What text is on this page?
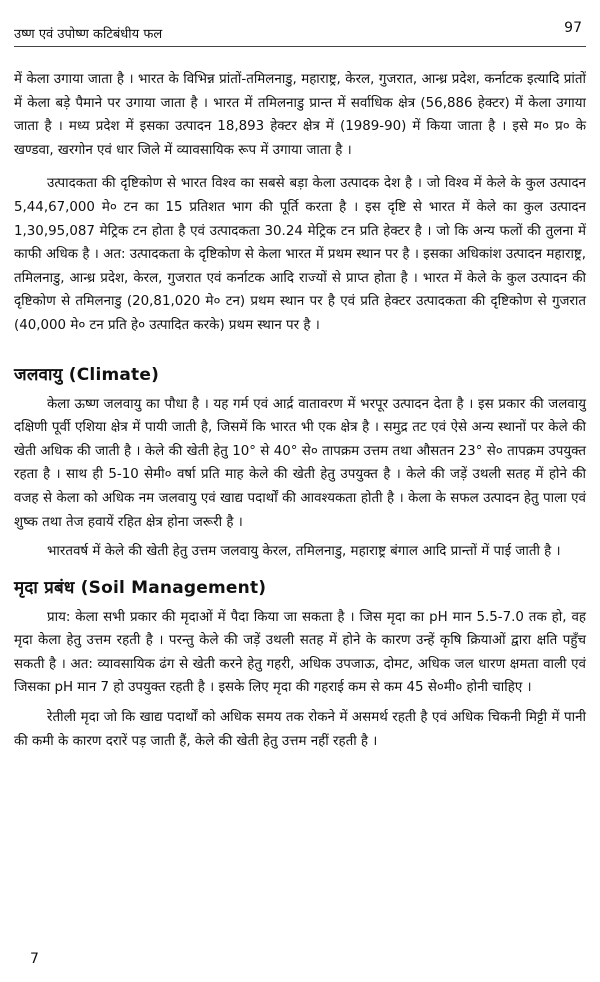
उष्ण एवं उपोष्ण कटिबंधीय फल	97

में केला उगाया जाता है । भारत के विभिन्न प्रांतों-तमिलनाडु, महाराष्ट्र, केरल, गुजरात, आन्ध्र प्रदेश, कर्नाटक इत्यादि प्रांतों में केला बड़े पैमाने पर उगाया जाता है । भारत में तमिलनाडु प्रान्त में सर्वाधिक क्षेत्र (56,886 हेक्टर) में केला उगाया जाता है । मध्य प्रदेश में इसका उत्पादन 18,893 हेक्टर क्षेत्र में (1989-90) में किया जाता है । इसे म० प्र० के खण्डवा, खरगोन एवं धार जिले में व्यावसायिक रूप में उगाया जाता है ।

उत्पादकता की दृष्टिकोण से भारत विश्व का सबसे बड़ा केला उत्पादक देश है । जो विश्व में केले के कुल उत्पादन 5,44,67,000 मे० टन का 15 प्रतिशत भाग की पूर्ति करता है । इस दृष्टि से भारत में केले का कुल उत्पादन 1,30,95,087 मेट्रिक टन होता है एवं उत्पादकता 30.24 मेट्रिक टन प्रति हेक्टर है । जो कि अन्य फलों की तुलना में काफी अधिक है । अत: उत्पादकता के दृष्टिकोण से केला भारत में प्रथम स्थान पर है । इसका अधिकांश उत्पादन महाराष्ट्र, तमिलनाडु, आन्ध्र प्रदेश, केरल, गुजरात एवं कर्नाटक आदि राज्यों से प्राप्त होता है । भारत में केले के कुल उत्पादन की दृष्टिकोण से तमिलनाडु (20,81,020 मे० टन) प्रथम स्थान पर है एवं प्रति हेक्टर उत्पादकता की दृष्टिकोण से गुजरात (40,000 मे० टन प्रति हे० उत्पादित करके) प्रथम स्थान पर है ।

जलवायु (Climate)

केला ऊष्ण जलवायु का पौधा है । यह गर्म एवं आर्द्र वातावरण में भरपूर उत्पादन देता है । इस प्रकार की जलवायु दक्षिणी पूर्वी एशिया क्षेत्र में पायी जाती है, जिसमें कि भारत भी एक क्षेत्र है । समुद्र तट एवं ऐसे अन्य स्थानों पर केले की खेती अधिक की जाती है । केले की खेती हेतु 10° से 40° से० तापक्रम उत्तम तथा औसतन 23° से० तापक्रम उपयुक्त रहता है । साथ ही 5-10 सेमी० वर्षा प्रति माह केले की खेती हेतु उपयुक्त है । केले की जड़ें उथली सतह में होने की वजह से केला को अधिक नम जलवायु एवं खाद्य पदार्थों की आवश्यकता होती है । केला के सफल उत्पादन हेतु पाला एवं शुष्क तथा तेज हवायें रहित क्षेत्र होना जरूरी है ।

भारतवर्ष में केले की खेती हेतु उत्तम जलवायु केरल, तमिलनाडु, महाराष्ट्र बंगाल आदि प्रान्तों में पाई जाती है ।

मृदा प्रबंध (Soil Management)

प्राय: केला सभी प्रकार की मृदाओं में पैदा किया जा सकता है । जिस मृदा का pH मान 5.5-7.0 तक हो, वह मृदा केला हेतु उत्तम रहती है । परन्तु केले की जड़ें उथली सतह में होने के कारण उन्हें कृषि क्रियाओं द्वारा क्षति पहुँच सकती है । अत: व्यावसायिक ढंग से खेती करने हेतु गहरी, अधिक उपजाऊ, दोमट, अधिक जल धारण क्षमता वाली एवं जिसका pH मान 7 हो उपयुक्त रहती है । इसके लिए मृदा की गहराई कम से कम 45 से०मी० होनी चाहिए ।

रेतीली मृदा जो कि खाद्य पदार्थों को अधिक समय तक रोकने में असमर्थ रहती है एवं अधिक चिकनी मिट्टी में पानी की कमी के कारण दरारें पड़ जाती हैं, केले की खेती हेतु उत्तम नहीं रहती है ।

7
